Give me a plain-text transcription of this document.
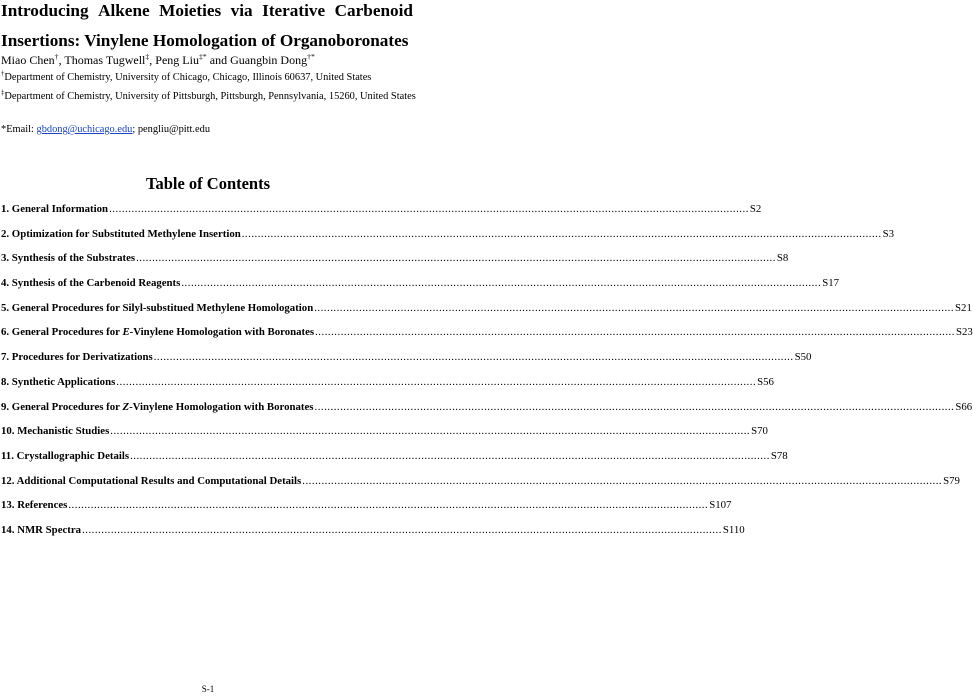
Introducing Alkene Moieties via Iterative Carbenoid
Insertions: Vinylene Homologation of Organoboronates
Miao Chen†, Thomas Tugwell‡, Peng Liu‡* and Guangbin Dong†*
†Department of Chemistry, University of Chicago, Chicago, Illinois 60637, United States
‡Department of Chemistry, University of Pittsburgh, Pittsburgh, Pennsylvania, 15260, United States
*Email: gbdong@uchicago.edu; pengliu@pitt.edu
Table of Contents
1. General Information ........................................................................................................................................................................................................ S2
2. Optimization for Substituted Methylene Insertion ........................................................................................................................................................................................................ S3
3. Synthesis of the Substrates ........................................................................................................................................................................................................ S8
4. Synthesis of the Carbenoid Reagents ........................................................................................................................................................................................................ S17
5. General Procedures for Silyl-substitued Methylene Homologation ........................................................................................................................................................................................................ S21
6. General Procedures for E-Vinylene Homologation with Boronates ........................................................................................................................................................................................................ S23
7. Procedures for Derivatizations ........................................................................................................................................................................................................ S50
8. Synthetic Applications ........................................................................................................................................................................................................ S56
9. General Procedures for Z-Vinylene Homologation with Boronates ........................................................................................................................................................................................................ S66
10. Mechanistic Studies ........................................................................................................................................................................................................ S70
11. Crystallographic Details ........................................................................................................................................................................................................ S78
12. Additional Computational Results and Computational Details ........................................................................................................................................................................................................ S79
13. References ........................................................................................................................................................................................................ S107
14. NMR Spectra ........................................................................................................................................................................................................ S110
S-1
